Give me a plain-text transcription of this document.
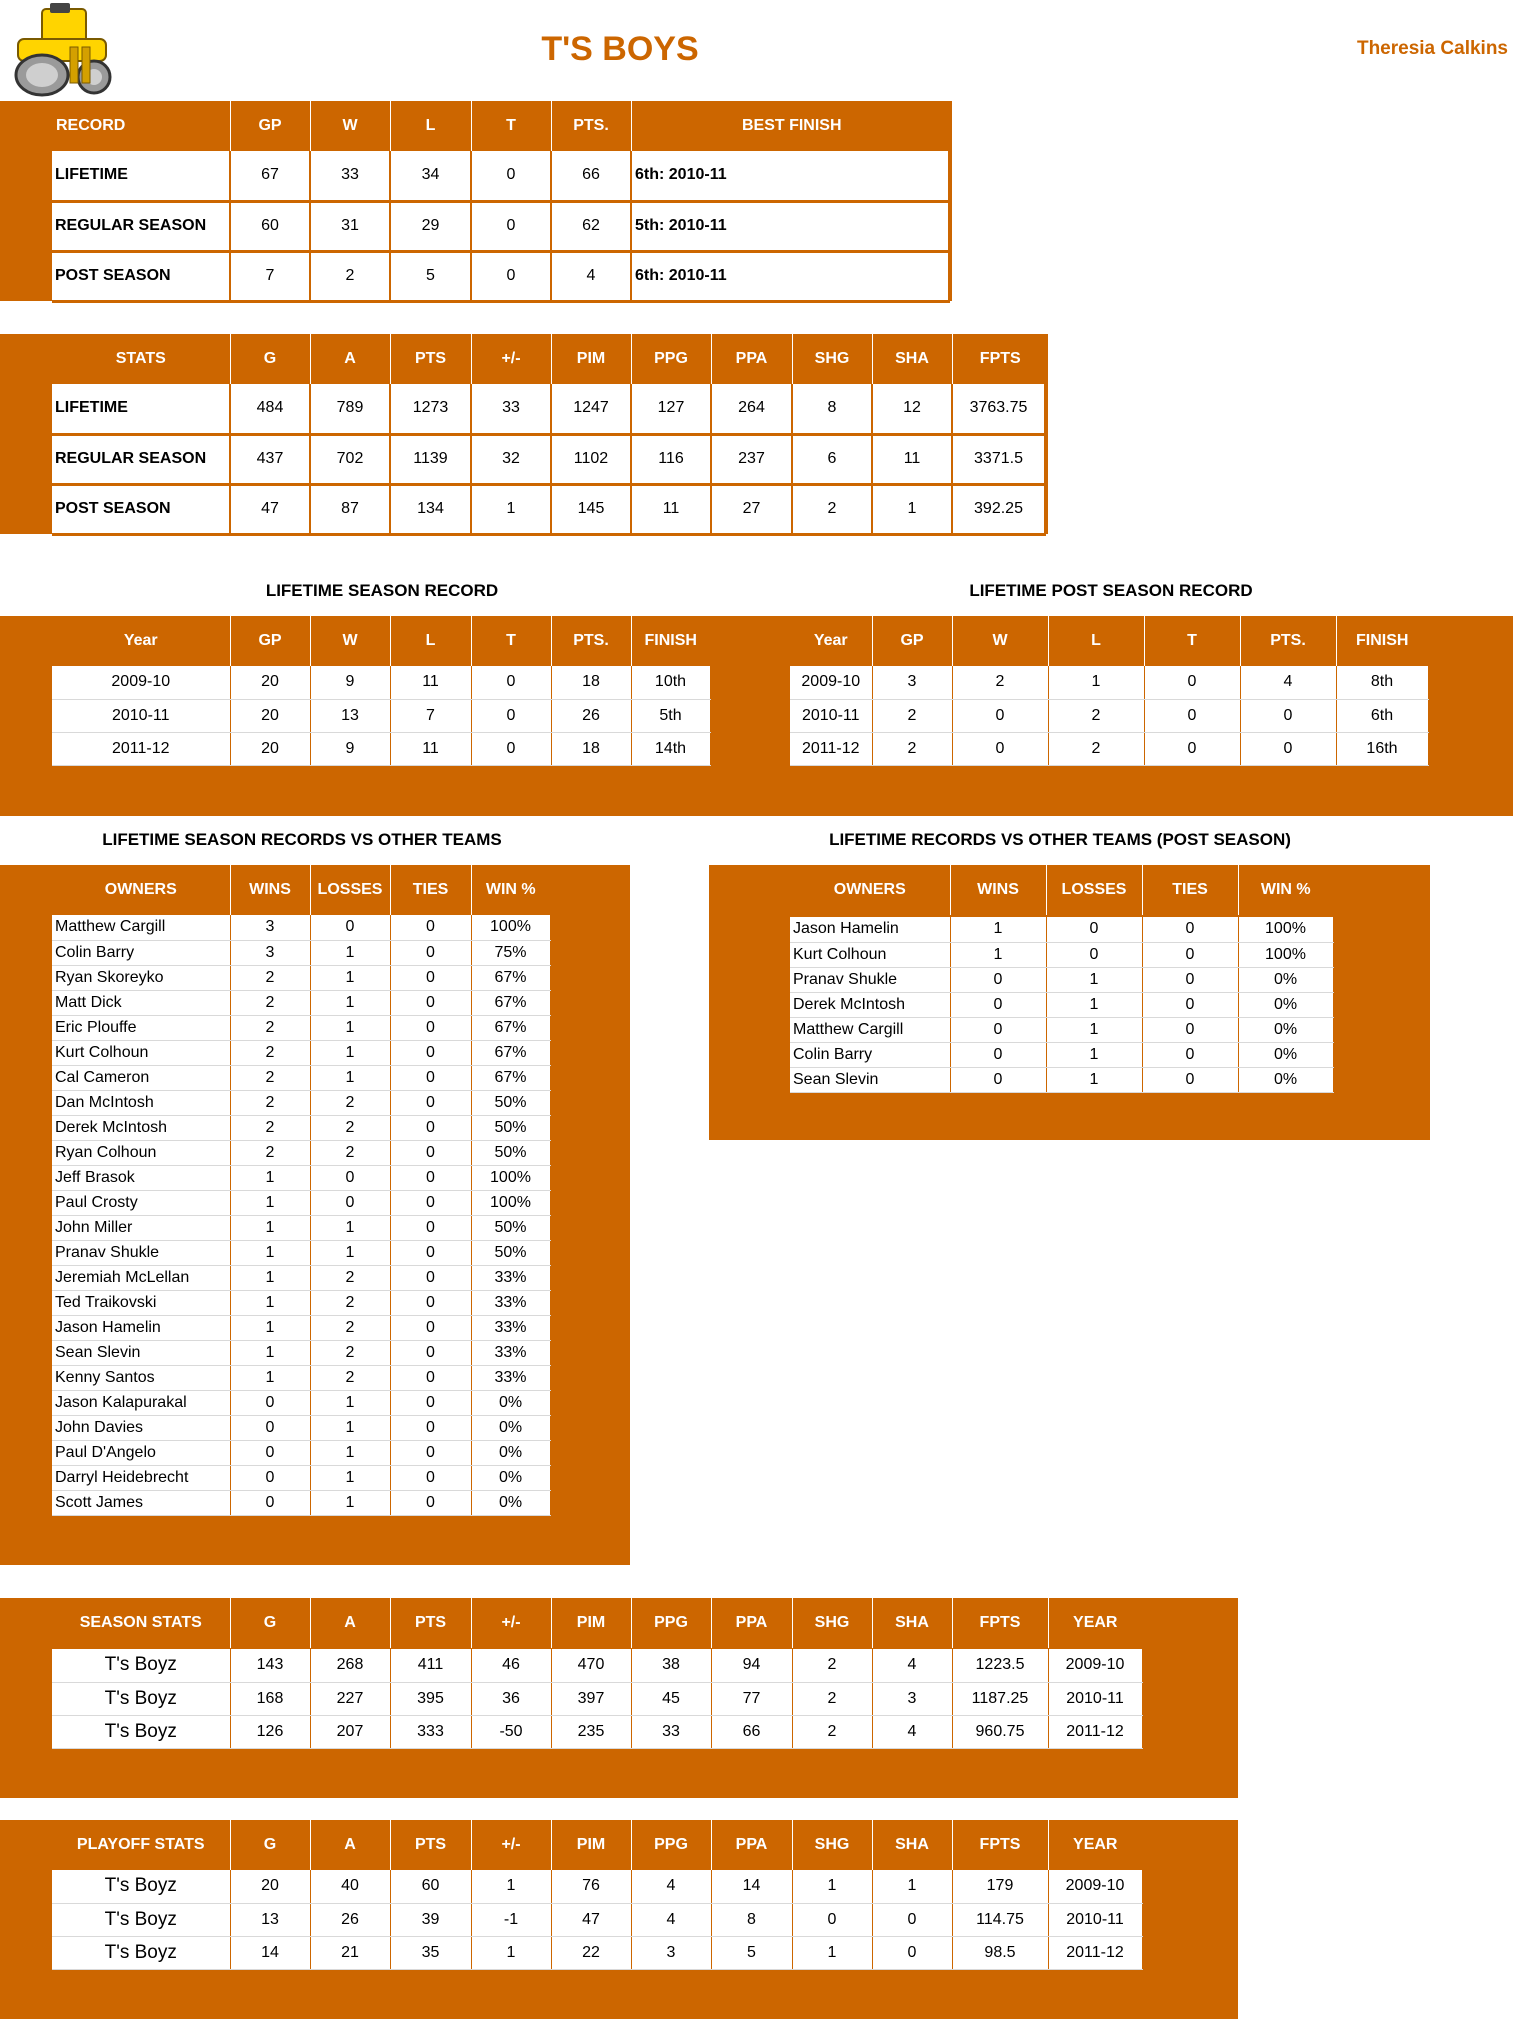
T'S BOYS	Theresia Calkins
RECORD	GP	W	L	T	PTS.	BEST FINISH
LIFETIME	67	33	34	0	66	6th: 2010-11
REGULAR SEASON	60	31	29	0	62	5th: 2010-11
POST SEASON	7	2	5	0	4	6th: 2010-11
STATS	G	A	PTS	+/-	PIM	PPG	PPA	SHG	SHA	FPTS
LIFETIME	484	789	1273	33	1247	127	264	8	12	3763.75
REGULAR SEASON	437	702	1139	32	1102	116	237	6	11	3371.5
POST SEASON	47	87	134	1	145	11	27	2	1	392.25
LIFETIME SEASON RECORD	LIFETIME POST SEASON RECORD
Year	GP	W	L	T	PTS.	FINISH
2009-10	20	9	11	0	18	10th
2010-11	20	13	7	0	26	5th
2011-12	20	9	11	0	18	14th
Year	GP	W	L	T	PTS.	FINISH
2009-10	3	2	1	0	4	8th
2010-11	2	0	2	0	0	6th
2011-12	2	0	2	0	0	16th
LIFETIME SEASON RECORDS VS OTHER TEAMS	LIFETIME RECORDS VS OTHER TEAMS (POST SEASON)
OWNERS	WINS	LOSSES	TIES	WIN %
Matthew Cargill	3	0	0	100%
Colin Barry	3	1	0	75%
Ryan Skoreyko	2	1	0	67%
Matt Dick	2	1	0	67%
Eric Plouffe	2	1	0	67%
Kurt Colhoun	2	1	0	67%
Cal Cameron	2	1	0	67%
Dan McIntosh	2	2	0	50%
Derek McIntosh	2	2	0	50%
Ryan Colhoun	2	2	0	50%
Jeff Brasok	1	0	0	100%
Paul Crosty	1	0	0	100%
John Miller	1	1	0	50%
Pranav Shukle	1	1	0	50%
Jeremiah McLellan	1	2	0	33%
Ted Traikovski	1	2	0	33%
Jason Hamelin	1	2	0	33%
Sean Slevin	1	2	0	33%
Kenny Santos	1	2	0	33%
Jason Kalapurakal	0	1	0	0%
John Davies	0	1	0	0%
Paul D'Angelo	0	1	0	0%
Darryl Heidebrecht	0	1	0	0%
Scott James	0	1	0	0%
OWNERS	WINS	LOSSES	TIES	WIN %
Jason Hamelin	1	0	0	100%
Kurt Colhoun	1	0	0	100%
Pranav Shukle	0	1	0	0%
Derek McIntosh	0	1	0	0%
Matthew Cargill	0	1	0	0%
Colin Barry	0	1	0	0%
Sean Slevin	0	1	0	0%
SEASON STATS	G	A	PTS	+/-	PIM	PPG	PPA	SHG	SHA	FPTS	YEAR
T's Boyz	143	268	411	46	470	38	94	2	4	1223.5	2009-10
T's Boyz	168	227	395	36	397	45	77	2	3	1187.25	2010-11
T's Boyz	126	207	333	-50	235	33	66	2	4	960.75	2011-12
PLAYOFF STATS	G	A	PTS	+/-	PIM	PPG	PPA	SHG	SHA	FPTS	YEAR
T's Boyz	20	40	60	1	76	4	14	1	1	179	2009-10
T's Boyz	13	26	39	-1	47	4	8	0	0	114.75	2010-11
T's Boyz	14	21	35	1	22	3	5	1	0	98.5	2011-12
